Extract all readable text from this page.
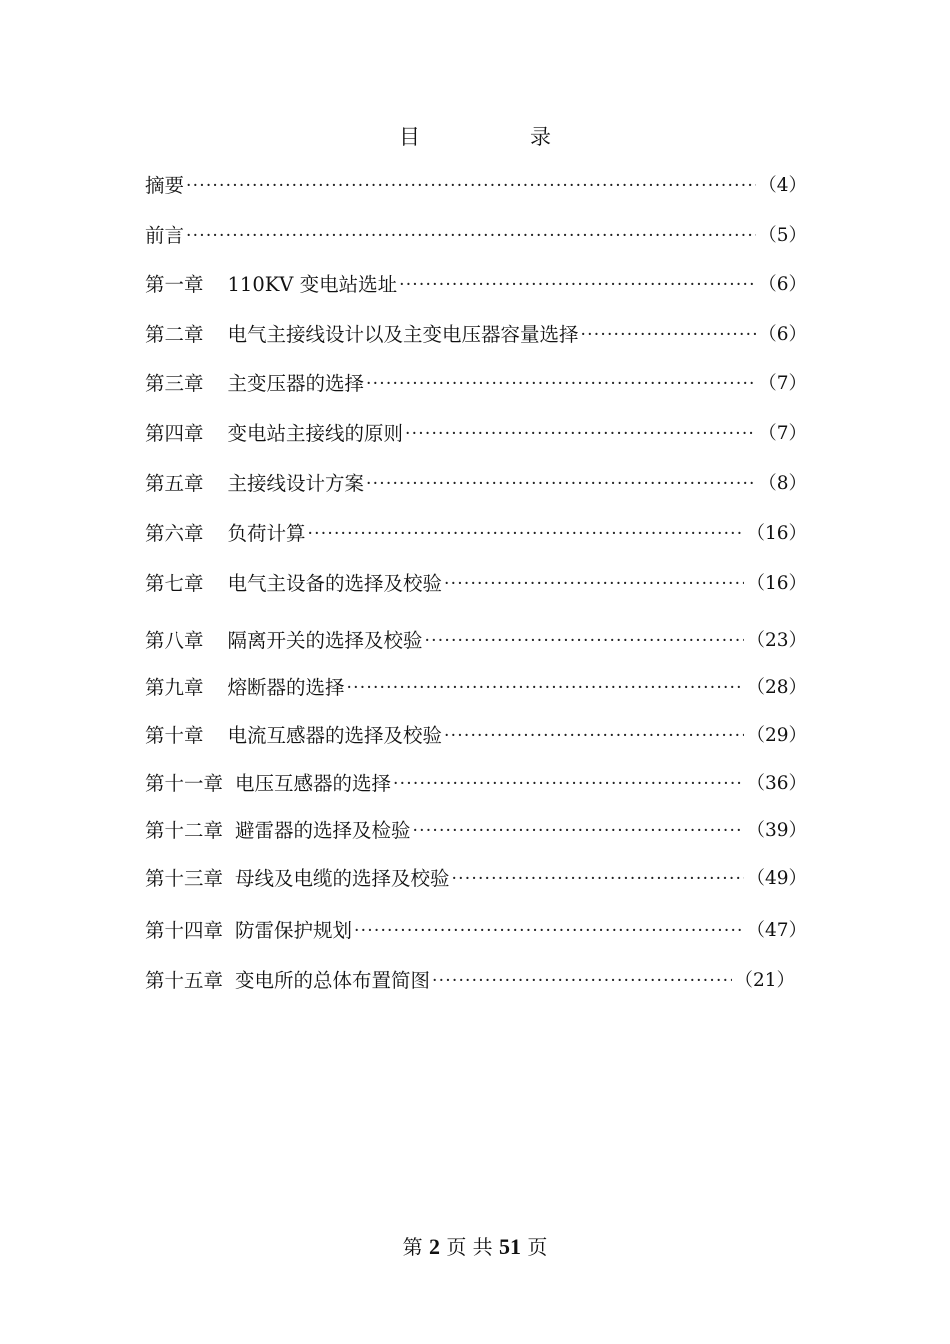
目	录
摘要 ·····	（4）
前言 ·····	（5）
第一章 110KV 变电站选址 ·····	（6）
第二章 电气主接线设计以及主变电压器容量选择 ·····	（6）
第三章 主变压器的选择 ·····	（7）
第四章 变电站主接线的原则 ·····	（7）
第五章 主接线设计方案 ·····	（8）
第六章 负荷计算 ·····	（16）
第七章 电气主设备的选择及校验 ·····	（16）
第八章 隔离开关的选择及校验 ·····	（23）
第九章 熔断器的选择 ·····	（28）
第十章 电流互感器的选择及校验 ·····	（29）
第十一章 电压互感器的选择 ·····	（36）
第十二章 避雷器的选择及检验 ·····	（39）
第十三章 母线及电缆的选择及校验 ·····	（49）
第十四章 防雷保护规划 ·····	（47）
第十五章 变电所的总体布置简图 ·····	（21）
第 2 页 共 51 页
